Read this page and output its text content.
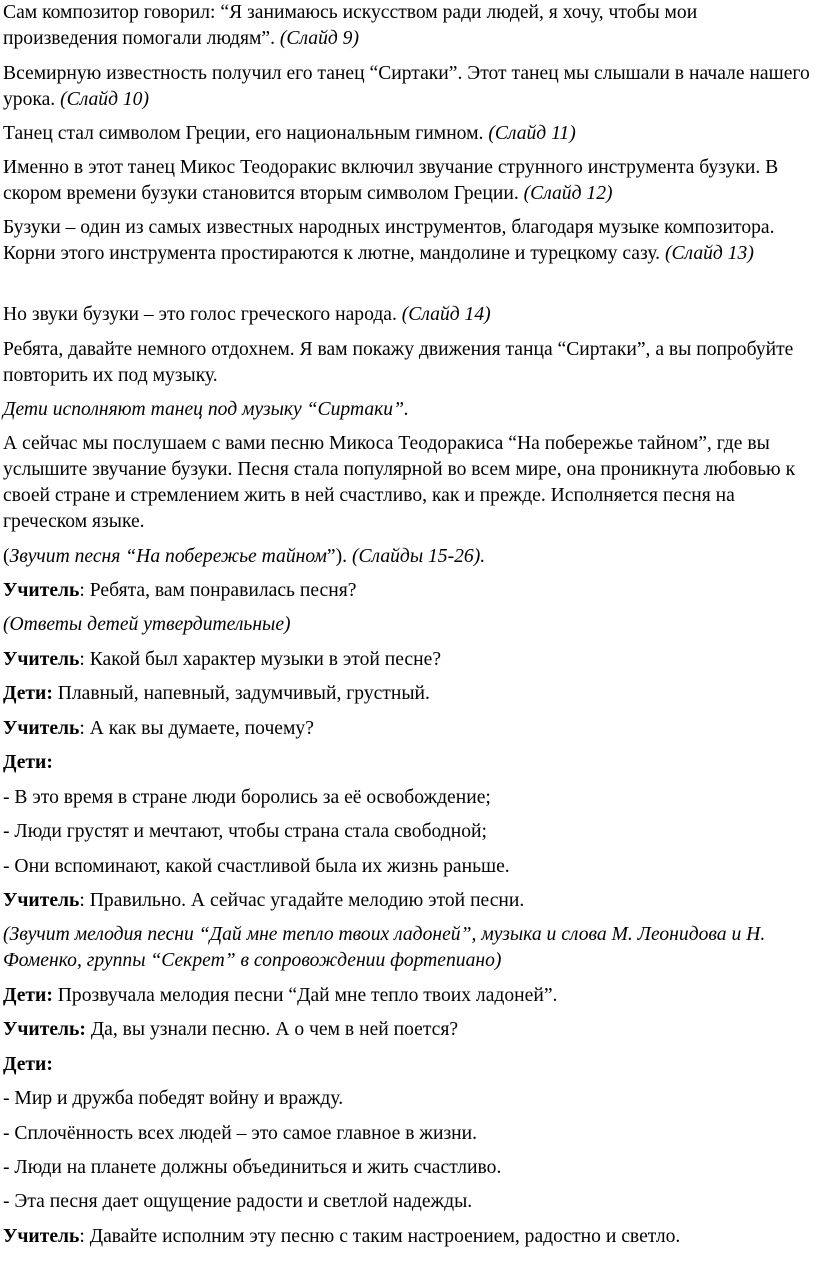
Сам композитор говорил: “Я занимаюсь искусством ради людей, я хочу, чтобы мои произведения помогали людям”. (Слайд 9)

Всемирную известность получил его танец “Сиртаки”. Этот танец мы слышали в начале нашего урока. (Слайд 10)

Танец стал символом Греции, его национальным гимном. (Слайд 11)

Именно в этот танец Микос Теодоракис включил звучание струнного инструмента бузуки. В скором времени бузуки становится вторым символом Греции. (Слайд 12)

Бузуки – один из самых известных народных инструментов, благодаря музыке композитора. Корни этого инструмента простираются к лютне, мандолине и турецкому сазу. (Слайд 13)

Но звуки бузуки – это голос греческого народа. (Слайд 14)

Ребята, давайте немного отдохнем. Я вам покажу движения танца “Сиртаки”, а вы попробуйте повторить их под музыку.

Дети исполняют танец под музыку “Сиртаки”.

А сейчас мы послушаем с вами песню Микоса Теодоракиса “На побережье тайном”, где вы услышите звучание бузуки. Песня стала популярной во всем мире, она проникнута любовью к своей стране и стремлением жить в ней счастливо, как и прежде. Исполняется песня на греческом языке.

(Звучит песня “На побережье тайном”). (Слайды 15-26).

Учитель: Ребята, вам понравилась песня?

(Ответы детей утвердительные)

Учитель: Какой был характер музыки в этой песне?

Дети: Плавный, напевный, задумчивый, грустный.

Учитель: А как вы думаете, почему?

Дети:

- В это время в стране люди боролись за её освобождение;

- Люди грустят и мечтают, чтобы страна стала свободной;

- Они вспоминают, какой счастливой была их жизнь раньше.

Учитель: Правильно. А сейчас угадайте мелодию этой песни.

(Звучит мелодия песни “Дай мне тепло твоих ладоней”, музыка и слова М. Леонидова и Н. Фоменко, группы “Секрет” в сопровождении фортепиано)

Дети: Прозвучала мелодия песни “Дай мне тепло твоих ладоней”.

Учитель: Да, вы узнали песню. А о чем в ней поется?

Дети:

- Мир и дружба победят войну и вражду.

- Сплочённость всех людей – это самое главное в жизни.

- Люди на планете должны объединиться и жить счастливо.

- Эта песня дает ощущение радости и светлой надежды.

Учитель: Давайте исполним эту песню с таким настроением, радостно и светло.
